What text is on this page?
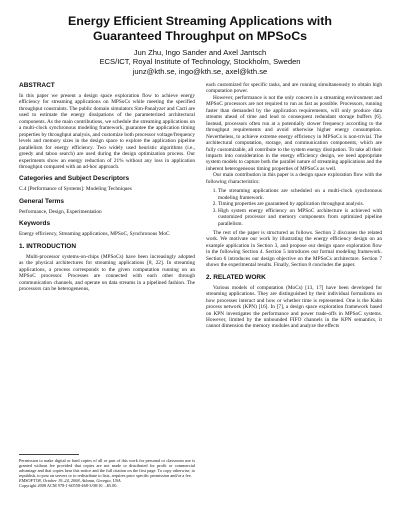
Energy Efficient Streaming Applications with
Guaranteed Throughput on MPSoCs
Jun Zhu, Ingo Sander and Axel Jantsch
ECS/ICT, Royal Institute of Technology, Stockholm, Sweden
junz@kth.se, ingo@kth.se, axel@kth.se
ABSTRACT

In this paper we present a design space exploration flow to achieve energy efficiency for streaming applications on MPSoCs while meeting the specified throughput constraints. The public domain simulators Sim-Panalyzer and Cacti are used to estimate the energy dissipations of the parameterized architectural components. As the main contributions, we schedule the streaming applications on a multi-clock synchronous modeling framework, guarantee the application timing properties by throughput analysis, and customize both processor voltage/frequency levels and memory sizes in the design space to explore the application pipeline parallelism for energy efficiency. Two widely used heuristic algorithms (i.e., greedy and taboo search) are used during the design optimization process. Our experiments show an energy reduction of 21% without any loss in application throughput compared with an ad-hoc approach.

Categories and Subject Descriptors

C.4 [Performance of Systems]: Modeling Techniques

General Terms

Performance, Design, Experimentation

Keywords

Energy efficiency, Streaming applications, MPSoC, Synchronous MoC

1. INTRODUCTION

Multi-processor systems-on-chips (MPSoCs) have been increasingly adopted as the physical architectures for streaming applications [8, 22]. In streaming applications, a process corresponds to the given computation running on an MPSoC processor. Processes are connected with each other through communication channels, and operate on data streams in a pipelined fashion. The processors can be heterogeneous,

Permission to make digital or hard copies of all or part of this work for personal or classroom use is granted without fee provided that copies are not made or distributed for profit or commercial advantage and that copies bear this notice and the full citation on the first page. To copy otherwise, to republish, to post on servers or to redistribute to lists, requires prior specific permission and/or a fee.

EMSOFT'08, October 19–24, 2008, Atlanta, Georgia, USA.

Copyright 2008 ACM 978-1-60558-468-3/08/10 ...$5.00.

each customized for specific tasks, and are running simultaneously to obtain high computation power.

However, performance is not the only concern in a streaming environment and MPSoC processors are not required to run as fast as possible. Processors, running faster than demanded by the application requirements, will only produce data streams ahead of time and lead to consequent redundant storage buffers [6]. Instead, processors often run at a potentially slower frequency according to the throughput requirements and avoid otherwise higher energy consumption. Nevertheless, to achieve extreme energy efficiency in MPSoCs is non-trivial. The architectural computation, storage, and communication components, which are fully customizable, all contribute to the system energy dissipation. To take all their impacts into consideration in the energy efficiency design, we need appropriate system models to capture both the parallel nature of streaming applications and the inherent heterogeneous timing properties of MPSoCs as well.

Our main contribution in this paper is a design space exploration flow with the following characteristics:

1. The streaming applications are scheduled on a multi-clock synchronous modeling framework.
2. Timing properties are guaranteed by application throughput analysis.
3. High system energy efficiency on MPSoC architecture is achieved with customized processor and memory components from optimized pipeline parallelism.

The rest of the paper is structured as follows. Section 2 discusses the related work. We motivate our work by illustrating the energy efficiency design on an example application in Section 3, and propose our design space exploration flow in the following Section 4. Section 5 introduces our formal modeling framework. Section 6 introduces our design objective on the MPSoCs architecture. Section 7 shows the experimental results. Finally, Section 8 concludes the paper.

2. RELATED WORK

Various models of computation (MoCs) [13, 17] have been developed for streaming applications. They are distinguished by their individual formalisms on how processes interact and how or whether time is represented. One is the Kahn process network (KPN) [16]. In [7], a design space exploration framework based on KPN investigates the performance and power trade-offs in MPSoC systems. However, limited by the unbounded FIFO channels in the KPN semantics, it cannot dimension the memory modules and analyze the effects
